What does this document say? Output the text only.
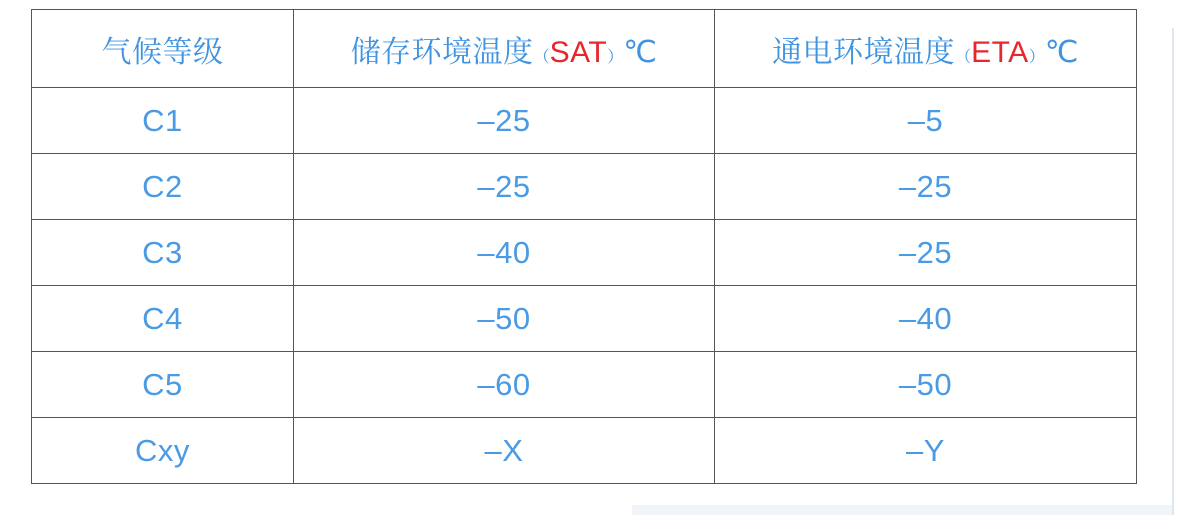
气候等级	储存环境温度（SAT）℃	通电环境温度（ETA）℃
C1	–25	–5
C2	–25	–25
C3	–40	–25
C4	–50	–40
C5	–60	–50
Cxy	–X	–Y
